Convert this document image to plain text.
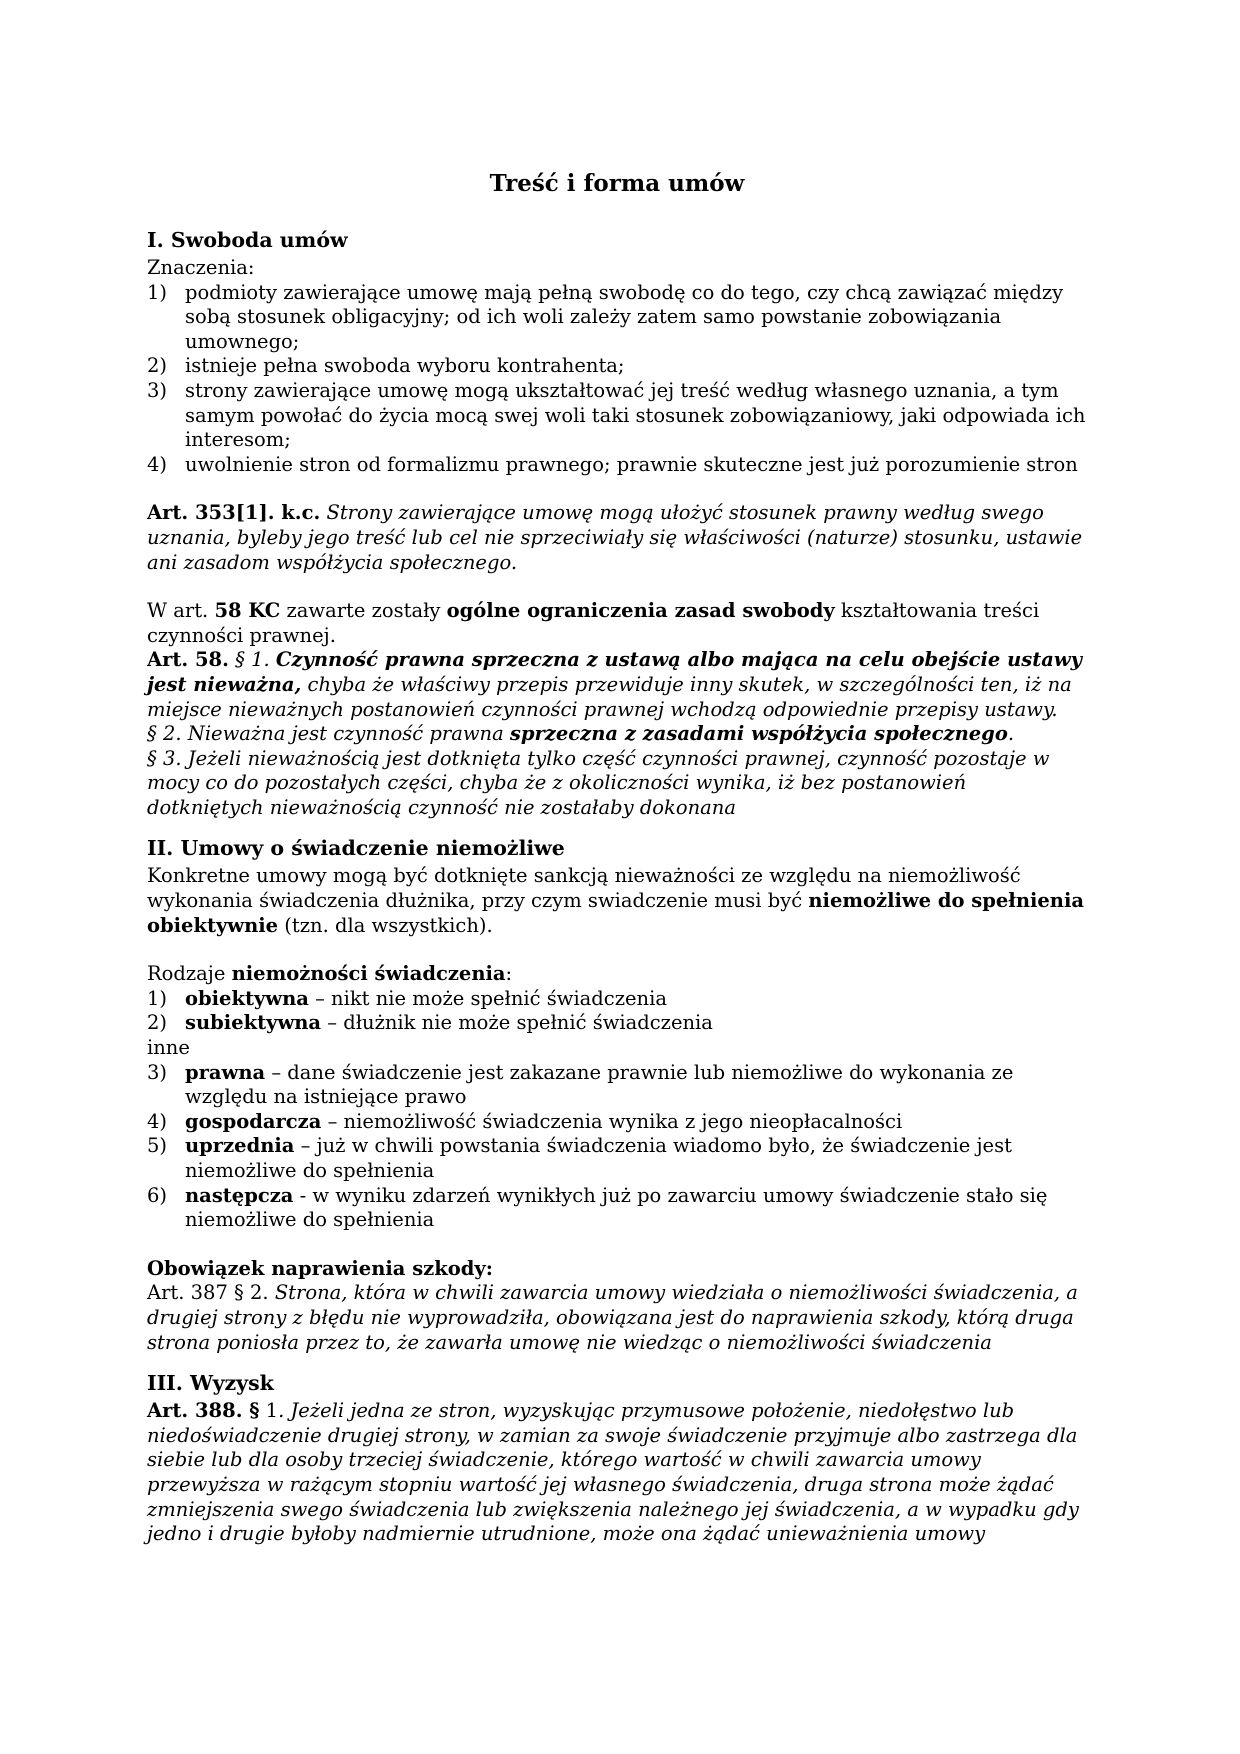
Treść i forma umów
I. Swoboda umów

Znaczenia:

1) podmioty zawierające umowę mają pełną swobodę co do tego, czy chcą zawiązać między sobą stosunek obligacyjny; od ich woli zależy zatem samo powstanie zobowiązania umownego;
2) istnieje pełna swoboda wyboru kontrahenta;
3) strony zawierające umowę mogą ukształtować jej treść według własnego uznania, a tym samym powołać do życia mocą swej woli taki stosunek zobowiązaniowy, jaki odpowiada ich interesom;
4) uwolnienie stron od formalizmu prawnego; prawnie skuteczne jest już porozumienie stron

Art. 353[1]. k.c. Strony zawierające umowę mogą ułożyć stosunek prawny według swego uznania, byleby jego treść lub cel nie sprzeciwiały się właściwości (naturze) stosunku, ustawie ani zasadom współżycia społecznego.

W art. 58 KC zawarte zostały ogólne ograniczenia zasad swobody kształtowania treści czynności prawnej.

Art. 58. § 1. Czynność prawna sprzeczna z ustawą albo mająca na celu obejście ustawy jest nieważna, chyba że właściwy przepis przewiduje inny skutek, w szczególności ten, iż na miejsce nieważnych postanowień czynności prawnej wchodzą odpowiednie przepisy ustawy.

§ 2. Nieważna jest czynność prawna sprzeczna z zasadami współżycia społecznego.

§ 3. Jeżeli nieważnością jest dotknięta tylko część czynności prawnej, czynność pozostaje w mocy co do pozostałych części, chyba że z okoliczności wynika, iż bez postanowień dotkniętych nieważnością czynność nie zostałaby dokonana

II. Umowy o świadczenie niemożliwe

Konkretne umowy mogą być dotknięte sankcją nieważności ze względu na niemożliwość wykonania świadczenia dłużnika, przy czym swiadczenie musi być niemożliwe do spełnienia obiektywnie (tzn. dla wszystkich).

Rodzaje niemożności świadczenia:

1) obiektywna – nikt nie może spełnić świadczenia
2) subiektywna – dłużnik nie może spełnić świadczenia

inne

3) prawna – dane świadczenie jest zakazane prawnie lub niemożliwe do wykonania ze względu na istniejące prawo
4) gospodarcza – niemożliwość świadczenia wynika z jego nieopłacalności
5) uprzednia – już w chwili powstania świadczenia wiadomo było, że świadczenie jest niemożliwe do spełnienia
6) następcza - w wyniku zdarzeń wynikłych już po zawarciu umowy świadczenie stało się niemożliwe do spełnienia

Obowiązek naprawienia szkody:

Art. 387 § 2. Strona, która w chwili zawarcia umowy wiedziała o niemożliwości świadczenia, a drugiej strony z błędu nie wyprowadziła, obowiązana jest do naprawienia szkody, którą druga strona poniosła przez to, że zawarła umowę nie wiedząc o niemożliwości świadczenia

III. Wyzysk

Art. 388. § 1. Jeżeli jedna ze stron, wyzyskując przymusowe położenie, niedołęstwo lub niedoświadczenie drugiej strony, w zamian za swoje świadczenie przyjmuje albo zastrzega dla siebie lub dla osoby trzeciej świadczenie, którego wartość w chwili zawarcia umowy przewyższa w rażącym stopniu wartość jej własnego świadczenia, druga strona może żądać zmniejszenia swego świadczenia lub zwiększenia należnego jej świadczenia, a w wypadku gdy jedno i drugie byłoby nadmiernie utrudnione, może ona żądać unieważnienia umowy
